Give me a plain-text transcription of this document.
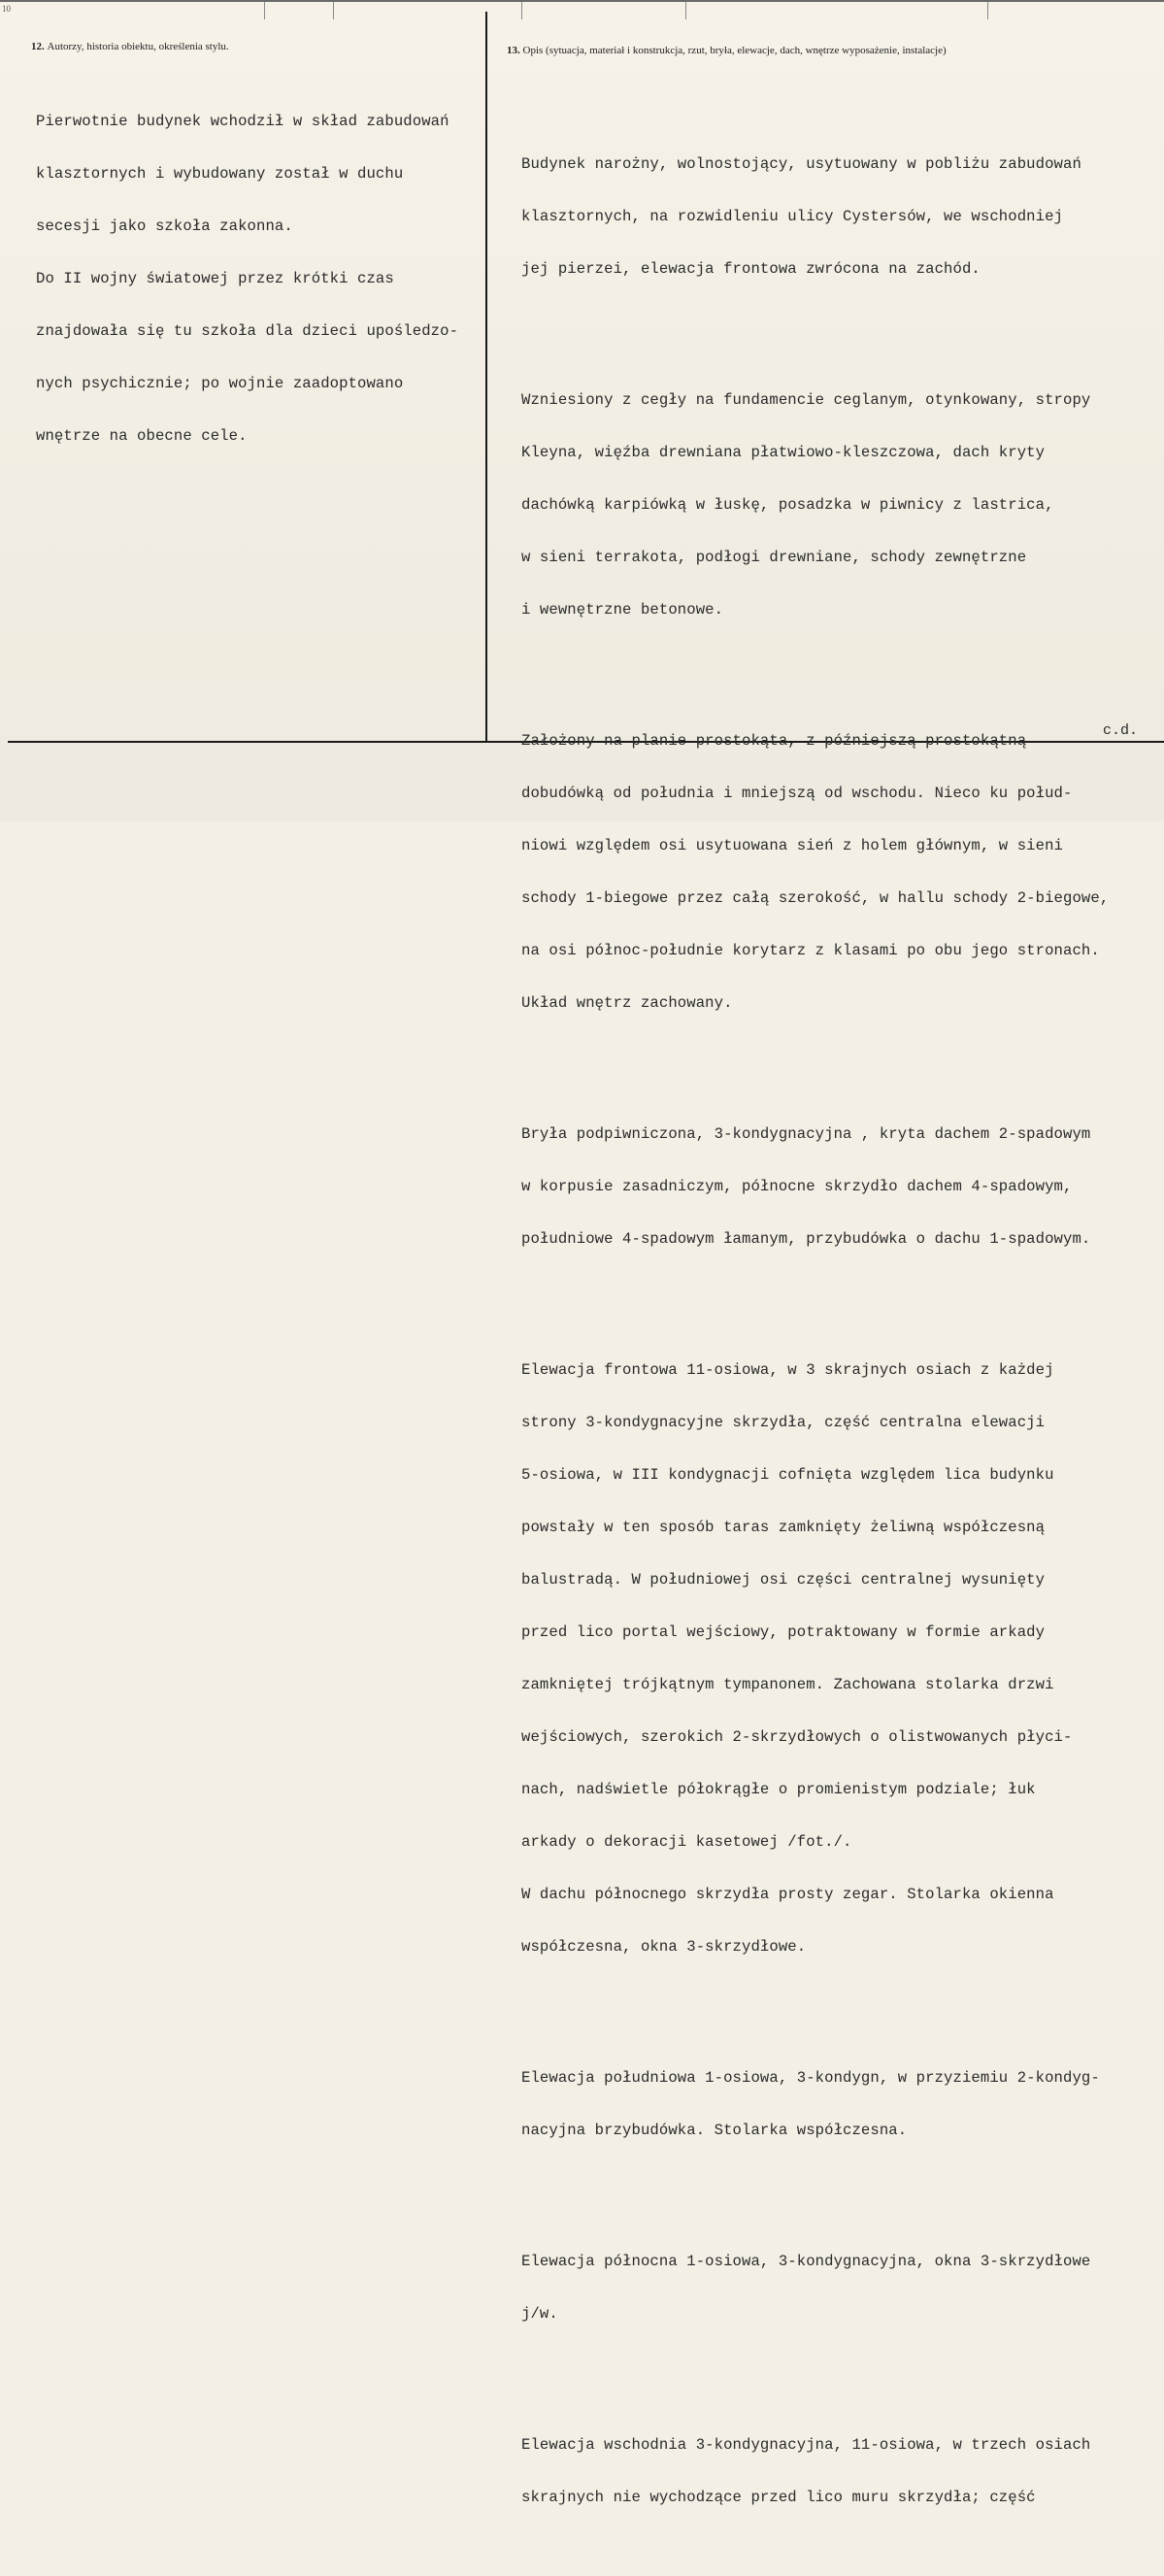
10
12. Autorzy, historia obiektu, określenia stylu.	13. Opis (sytuacja, materiał i konstrukcja, rzut, bryła, elewacje, dach, wnętrze wyposażenie, instalacje)

Pierwotnie budynek wchodził w skład zabudowań

klasztornych i wybudowany został w duchu

secesji jako szkoła zakonna.

Do II wojny światowej przez krótki czas

znajdowała się tu szkoła dla dzieci upośledzo-

nych psychicznie; po wojnie zaadoptowano

wnętrze na obecne cele.

Budynek narożny, wolnostojący, usytuowany w pobliżu zabudowań

klasztornych, na rozwidleniu ulicy Cystersów, we wschodniej

jej pierzei, elewacja frontowa zwrócona na zachód.

Wzniesiony z cegły na fundamencie ceglanym, otynkowany, stropy

Kleyna, więźba drewniana płatwiowo-kleszczowa, dach kryty

dachówką karpiówką w łuskę, posadzka w piwnicy z lastrica,

w sieni terrakota, podłogi drewniane, schody zewnętrzne

i wewnętrzne betonowe.

Założony na planie prostokąta, z późniejszą prostokątną

dobudówką od południa i mniejszą od wschodu. Nieco ku połud-

niowi względem osi usytuowana sień z holem głównym, w sieni

schody 1-biegowe przez całą szerokość, w hallu schody 2-biegowe,

na osi północ-południe korytarz z klasami po obu jego stronach.

Układ wnętrz zachowany.

Bryła podpiwniczona, 3-kondygnacyjna , kryta dachem 2-spadowym

w korpusie zasadniczym, północne skrzydło dachem 4-spadowym,

południowe 4-spadowym łamanym, przybudówka o dachu 1-spadowym.

Elewacja frontowa 11-osiowa, w 3 skrajnych osiach z każdej

strony 3-kondygnacyjne skrzydła, część centralna elewacji

5-osiowa, w III kondygnacji cofnięta względem lica budynku

powstały w ten sposób taras zamknięty żeliwną współczesną

balustradą. W południowej osi części centralnej wysunięty

przed lico portal wejściowy, potraktowany w formie arkady

zamkniętej trójkątnym tympanonem. Zachowana stolarka drzwi

wejściowych, szerokich 2-skrzydłowych o olistwowanych płyci-

nach, nadświetle półokrągłe o promienistym podziale; łuk

arkady o dekoracji kasetowej /fot./.

W dachu północnego skrzydła prosty zegar. Stolarka okienna

współczesna, okna 3-skrzydłowe.

Elewacja południowa 1-osiowa, 3-kondygn, w przyziemiu 2-kondyg-

nacyjna brzybudówka. Stolarka współczesna.

Elewacja północna 1-osiowa, 3-kondygnacyjna, okna 3-skrzydłowe

j/w.

Elewacja wschodnia 3-kondygnacyjna, 11-osiowa, w trzech osiach

skrajnych nie wychodzące przed lico muru skrzydła; część

c.d.
